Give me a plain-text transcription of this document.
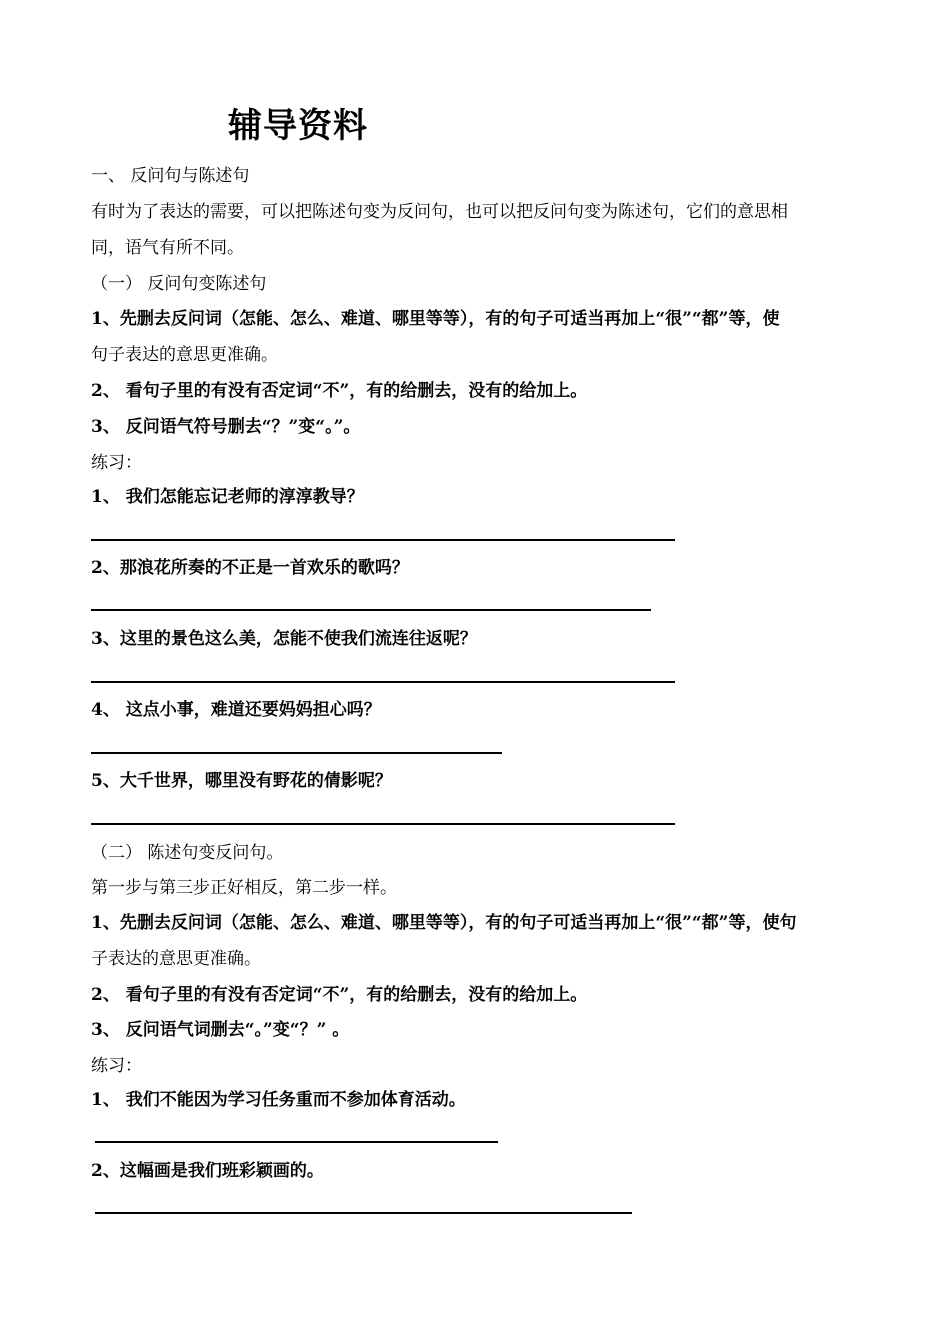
辅导资料
一、 反问句与陈述句
有时为了表达的需要，可以把陈述句变为反问句，也可以把反问句变为陈述句，它们的意思相
同，语气有所不同。
（一） 反问句变陈述句
1、先删去反问词（怎能、怎么、难道、哪里等等），有的句子可适当再加上“很”“都”等，使
句子表达的意思更准确。
2、 看句子里的有没有否定词“不”，有的给删去，没有的给加上。
3、 反问语气符号删去“？”变“。”。
练习：
1、 我们怎能忘记老师的淳淳教导？
2、那浪花所奏的不正是一首欢乐的歌吗？
3、这里的景色这么美，怎能不使我们流连往返呢？
4、 这点小事，难道还要妈妈担心吗？
5、大千世界，哪里没有野花的倩影呢？
（二） 陈述句变反问句。
第一步与第三步正好相反，第二步一样。
1、先删去反问词（怎能、怎么、难道、哪里等等），有的句子可适当再加上“很”“都”等，使句
子表达的意思更准确。
2、 看句子里的有没有否定词“不”，有的给删去，没有的给加上。
3、 反问语气词删去“。”变“？” 。
练习：
1、 我们不能因为学习任务重而不参加体育活动。
2、这幅画是我们班彩颖画的。
